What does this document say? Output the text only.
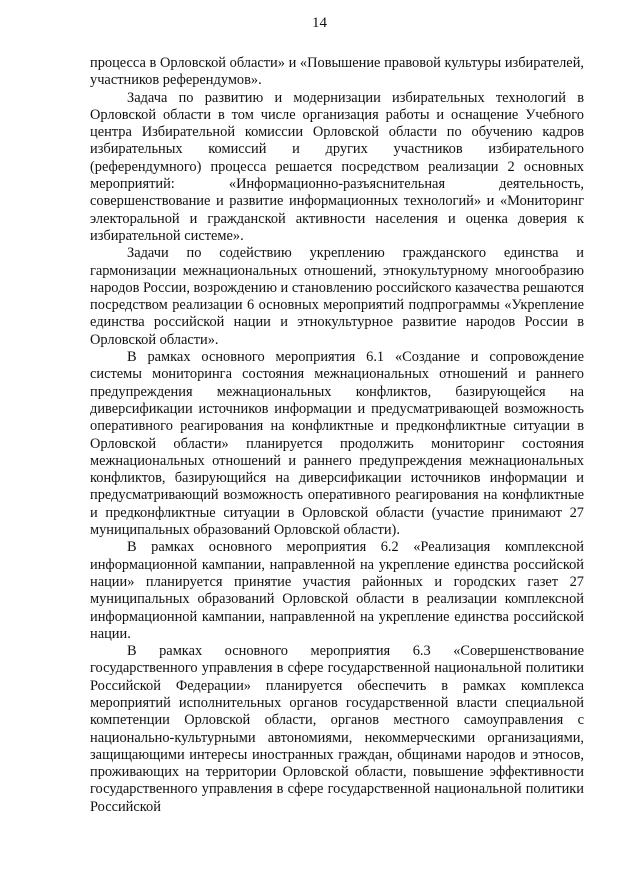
14

процесса в Орловской области» и «Повышение правовой культуры избирателей, участников референдумов».

Задача по развитию и модернизации избирательных технологий в Орловской области в том числе организация работы и оснащение Учебного центра Избирательной комиссии Орловской области по обучению кадров избирательных комиссий и других участников избирательного (референдумного) процесса решается посредством реализации 2 основных мероприятий: «Информационно-разъяснительная деятельность, совершенствование и развитие информационных технологий» и «Мониторинг электоральной и гражданской активности населения и оценка доверия к избирательной системе».

Задачи по содействию укреплению гражданского единства и гармонизации межнациональных отношений, этнокультурному многообразию народов России, возрождению и становлению российского казачества решаются посредством реализации 6 основных мероприятий подпрограммы «Укрепление единства российской нации и этнокультурное развитие народов России в Орловской области».

В рамках основного мероприятия 6.1 «Создание и сопровождение системы мониторинга состояния межнациональных отношений и раннего предупреждения межнациональных конфликтов, базирующейся на диверсификации источников информации и предусматривающей возможность оперативного реагирования на конфликтные и предконфликтные ситуации в Орловской области» планируется продолжить мониторинг состояния межнациональных отношений и раннего предупреждения межнациональных конфликтов, базирующийся на диверсификации источников информации и предусматривающий возможность оперативного реагирования на конфликтные и предконфликтные ситуации в Орловской области (участие принимают 27 муниципальных образований Орловской области).

В рамках основного мероприятия 6.2 «Реализация комплексной информационной кампании, направленной на укрепление единства российской нации» планируется принятие участия районных и городских газет 27 муниципальных образований Орловской области в реализации комплексной информационной кампании, направленной на укрепление единства российской нации.

В рамках основного мероприятия 6.3 «Совершенствование государственного управления в сфере государственной национальной политики Российской Федерации» планируется обеспечить в рамках комплекса мероприятий исполнительных органов государственной власти специальной компетенции Орловской области, органов местного самоуправления с национально-культурными автономиями, некоммерческими организациями, защищающими интересы иностранных граждан, общинами народов и этносов, проживающих на территории Орловской области, повышение эффективности государственного управления в сфере государственной национальной политики Российской
